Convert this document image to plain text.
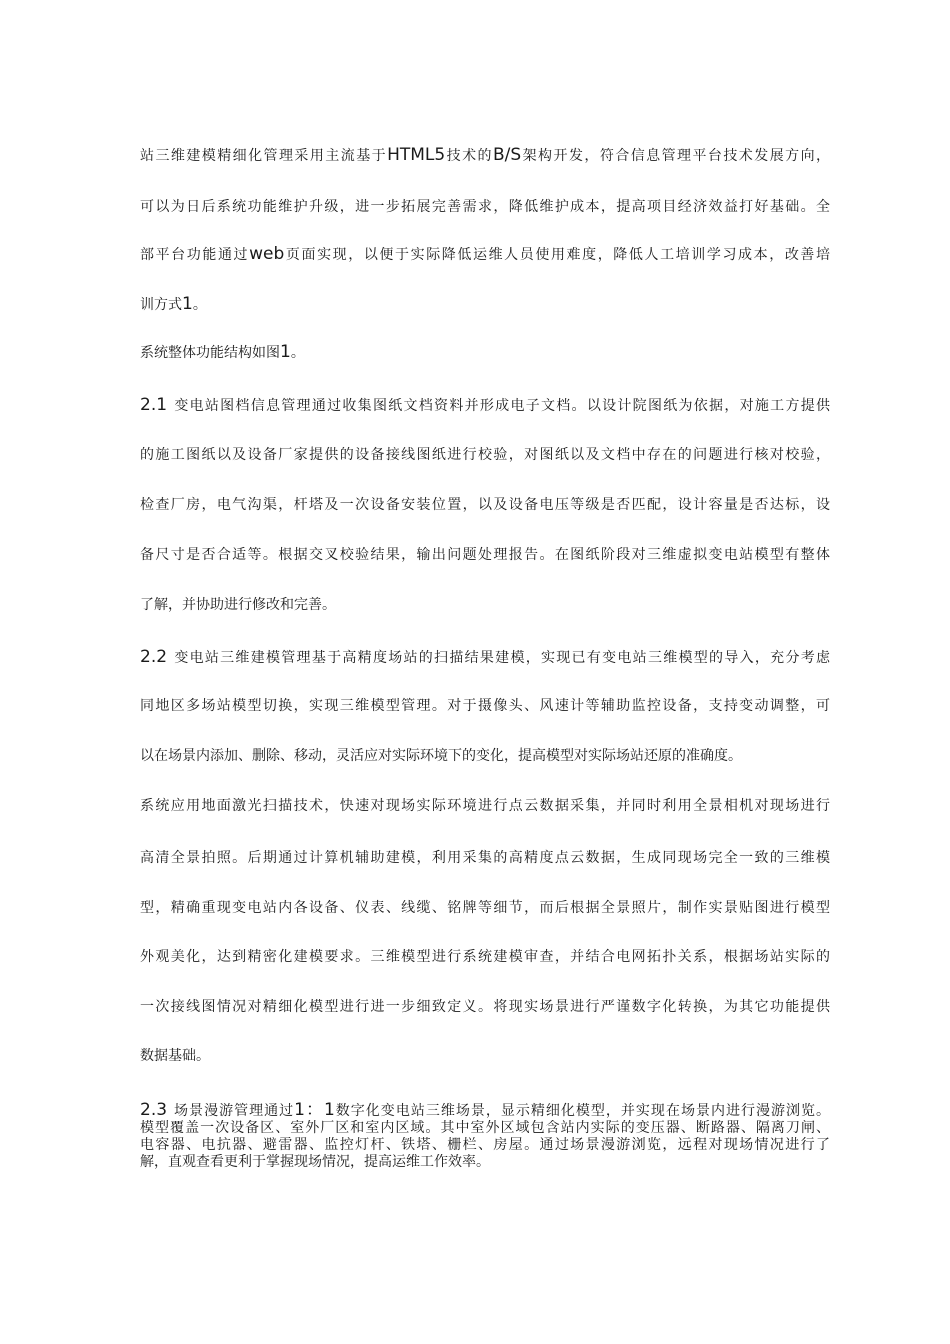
站三维建模精细化管理采用主流基于HTML5技术的B/S架构开发，符合信息管理平台技术发展方向，
可以为日后系统功能维护升级，进一步拓展完善需求，降低维护成本，提高项目经济效益打好基础。全
部平台功能通过web页面实现，以便于实际降低运维人员使用难度，降低人工培训学习成本，改善培
训方式1。
系统整体功能结构如图1。
2.1 变电站图档信息管理通过收集图纸文档资料并形成电子文档。以设计院图纸为依据，对施工方提供
的施工图纸以及设备厂家提供的设备接线图纸进行校验，对图纸以及文档中存在的问题进行核对校验，
检查厂房，电气沟渠，杆塔及一次设备安装位置，以及设备电压等级是否匹配，设计容量是否达标，设
备尺寸是否合适等。根据交叉校验结果，输出问题处理报告。在图纸阶段对三维虚拟变电站模型有整体
了解，并协助进行修改和完善。
2.2 变电站三维建模管理基于高精度场站的扫描结果建模，实现已有变电站三维模型的导入，充分考虑
同地区多场站模型切换，实现三维模型管理。对于摄像头、风速计等辅助监控设备，支持变动调整，可
以在场景内添加、删除、移动，灵活应对实际环境下的变化，提高模型对实际场站还原的准确度。
系统应用地面激光扫描技术，快速对现场实际环境进行点云数据采集，并同时利用全景相机对现场进行
高清全景拍照。后期通过计算机辅助建模，利用采集的高精度点云数据，生成同现场完全一致的三维模
型，精确重现变电站内各设备、仪表、线缆、铭牌等细节，而后根据全景照片，制作实景贴图进行模型
外观美化，达到精密化建模要求。三维模型进行系统建模审查，并结合电网拓扑关系，根据场站实际的
一次接线图情况对精细化模型进行进一步细致定义。将现实场景进行严谨数字化转换，为其它功能提供
数据基础。
2.3 场景漫游管理通过1：1数字化变电站三维场景，显示精细化模型，并实现在场景内进行漫游浏览。
模型覆盖一次设备区、室外厂区和室内区域。其中室外区域包含站内实际的变压器、断路器、隔离刀闸、
电容器、电抗器、避雷器、监控灯杆、铁塔、栅栏、房屋。通过场景漫游浏览，远程对现场情况进行了
解，直观查看更利于掌握现场情况，提高运维工作效率。
